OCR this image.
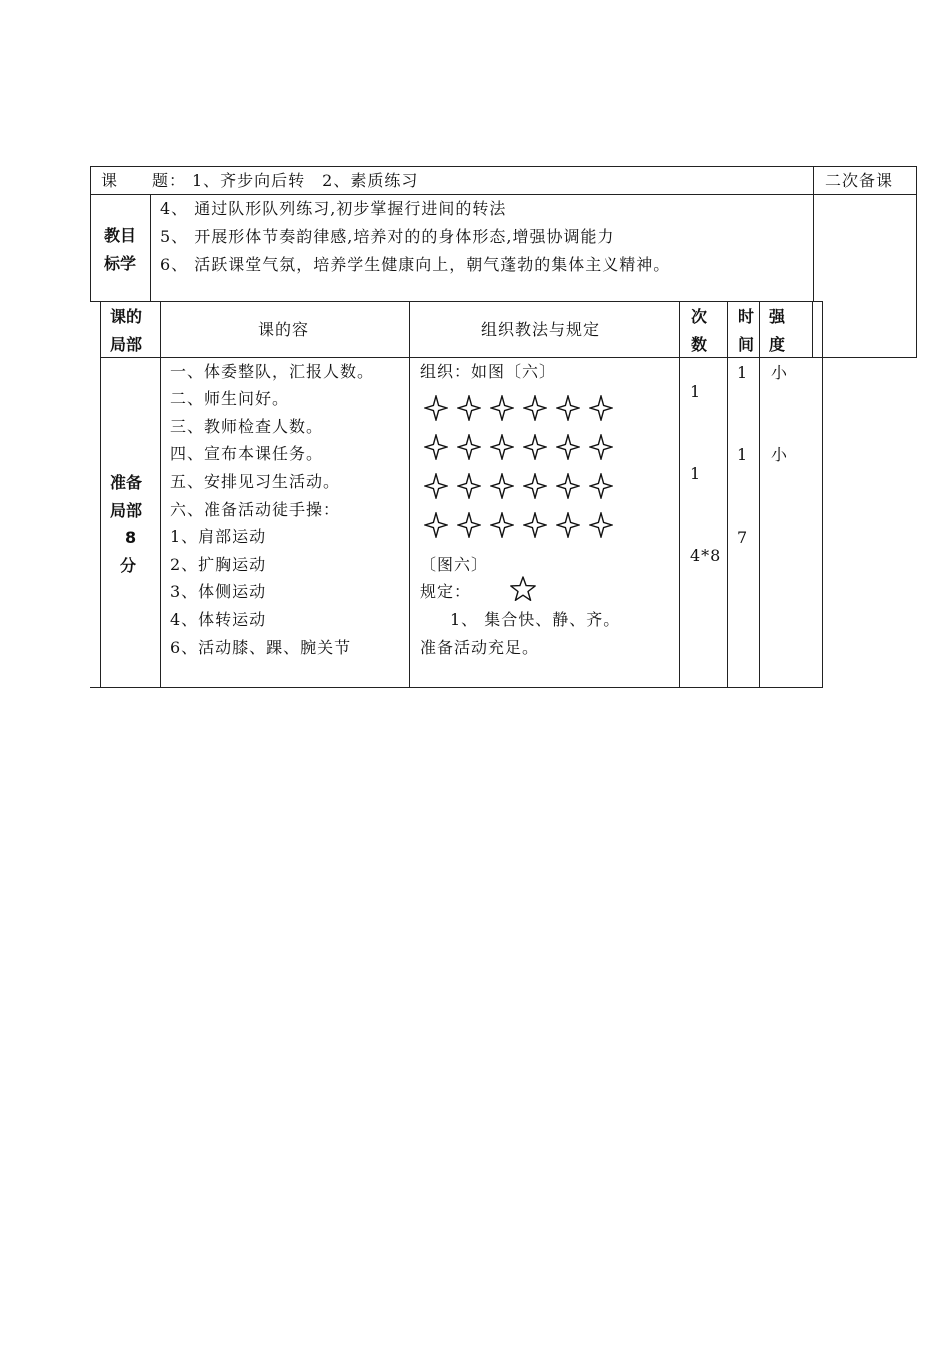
课　　题： 1、齐步向后转　2、素质练习	二次备课
教目
标学
4、 通过队形队列练习,初步掌握行进间的转法
5、 开展形体节奏韵律感,培养对的的身体形态,增强协调能力
6、 活跃课堂气氛，培养学生健康向上，朝气蓬勃的集体主义精神。
课的
局部
课的容	组织教法与规定
次
数
时
间
强
度
准备
局部
8
分
一、体委整队，汇报人数。
二、师生问好。
三、教师检查人数。
四、宣布本课任务。
五、安排见习生活动。
六、准备活动徒手操：
1、肩部运动
2、扩胸运动
3、体侧运动
4、体转运动
6、活动膝、踝、腕关节
组织：如图〔六〕
〔图六〕
规定：
1、 集合快、静、齐。
准备活动充足。
1
1
4*8
1
1
7
小
小
